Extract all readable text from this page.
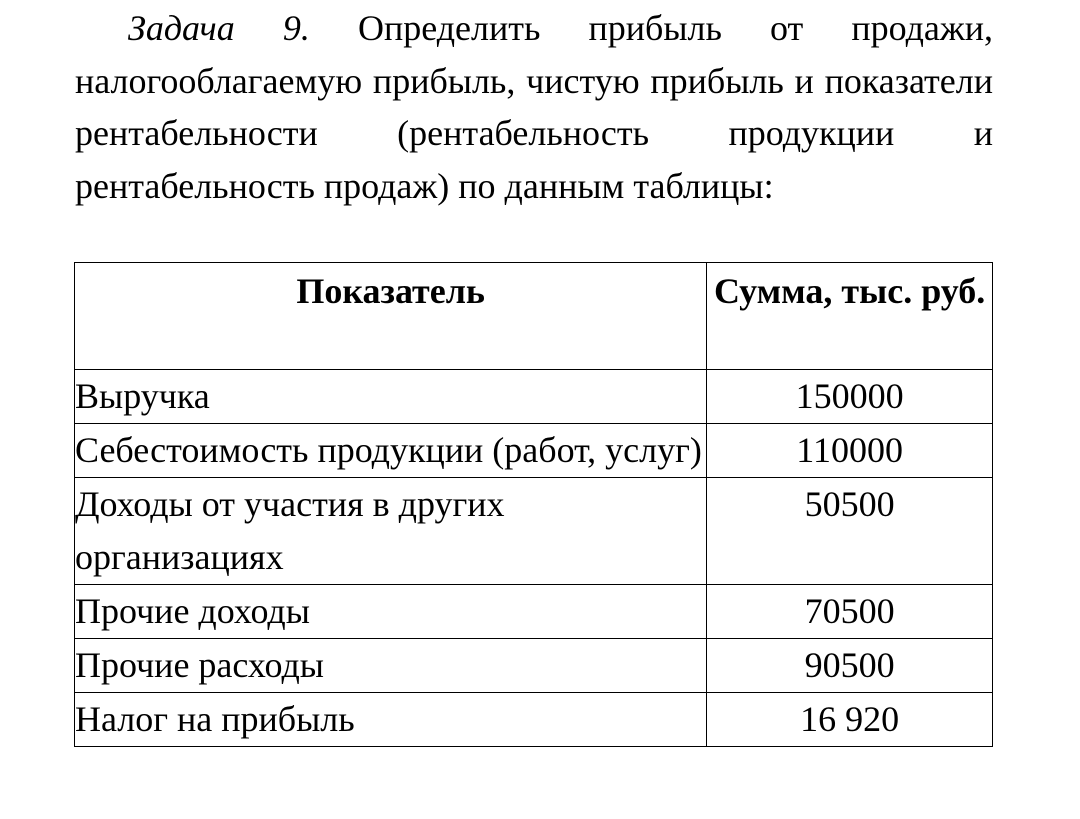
Задача 9. Определить прибыль от продажи, налогооблагаемую прибыль, чистую прибыль и показатели рентабельности (рентабельность продукции и рентабельность продаж) по данным таблицы:

Показатель	Сумма, тыс. руб.
Выручка	150000
Себестоимость продукции (работ, услуг)	110000
Доходы от участия в других организациях	50500
Прочие доходы	70500
Прочие расходы	90500
Налог на прибыль	16 920
